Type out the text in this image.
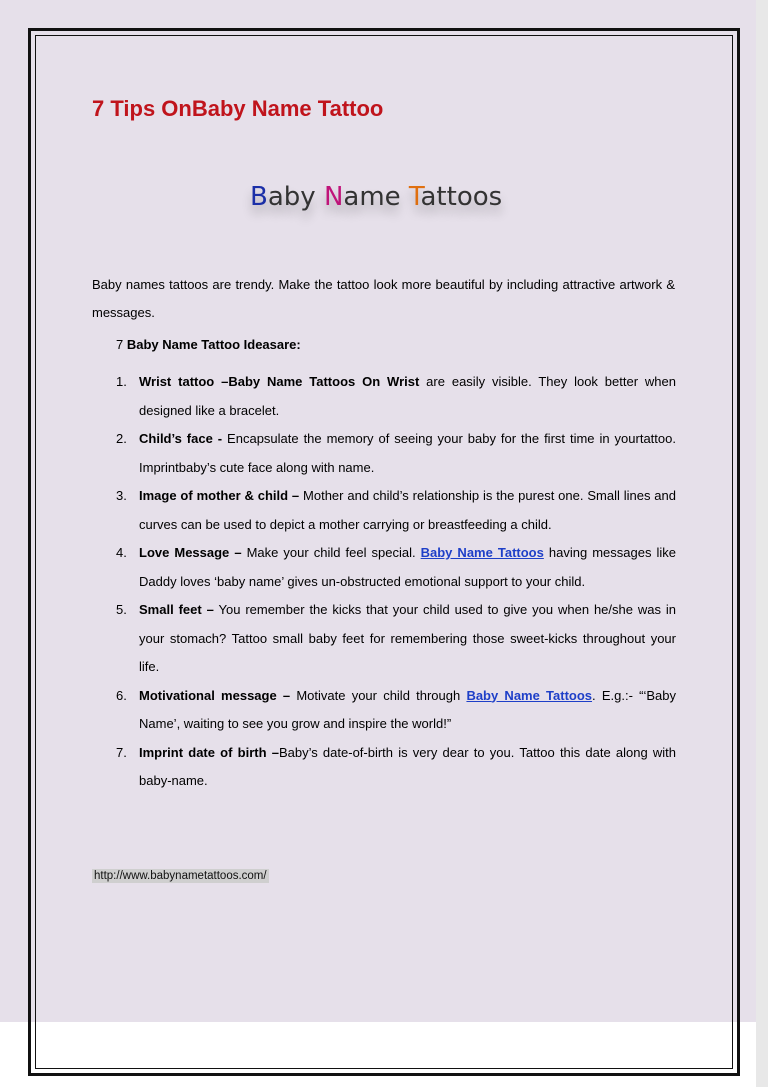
7 Tips OnBaby Name Tattoo
Baby Name Tattoos
Baby names tattoos are trendy. Make the tattoo look more beautiful by including attractive artwork & messages.
7 Baby Name Tattoo Ideasare:
1. Wrist tattoo –Baby Name Tattoos On Wrist are easily visible. They look better when designed like a bracelet.
2. Child’s face - Encapsulate the memory of seeing your baby for the first time in yourtattoo. Imprintbaby’s cute face along with name.
3. Image of mother & child – Mother and child’s relationship is the purest one. Small lines and curves can be used to depict a mother carrying or breastfeeding a child.
4. Love Message – Make your child feel special. Baby Name Tattoos having messages like Daddy loves ‘baby name’ gives un-obstructed emotional support to your child.
5. Small feet – You remember the kicks that your child used to give you when he/she was in your stomach? Tattoo small baby feet for remembering those sweet-kicks throughout your life.
6. Motivational message – Motivate your child through Baby Name Tattoos. E.g.:- “‘Baby Name’, waiting to see you grow and inspire the world!”
7. Imprint date of birth –Baby’s date-of-birth is very dear to you. Tattoo this date along with baby-name.
http://www.babynametattoos.com/
